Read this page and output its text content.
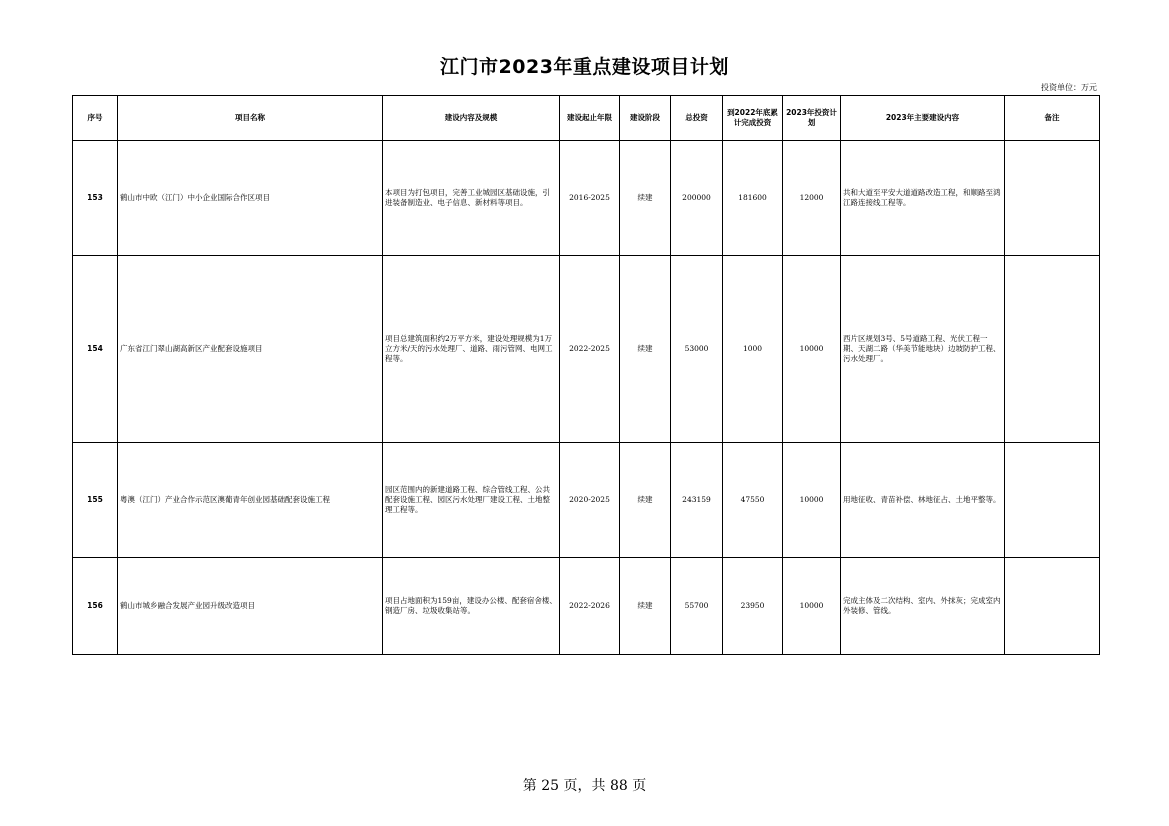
江门市2023年重点建设项目计划
投资单位：万元
序号	项目名称	建设内容及规模	建设起止年限	建设阶段	总投资	到2022年底累计完成投资	2023年投资计划	2023年主要建设内容	备注
153	鹤山市中欧（江门）中小企业国际合作区项目	本项目为打包项目，完善工业城园区基础设施，引进装备制造业、电子信息、新材料等项目。	2016-2025	续建	200000	181600	12000	共和大道至平安大道道路改造工程，和顺路至鸿江路连接线工程等。	
154	广东省江门翠山湖高新区产业配套设施项目	项目总建筑面积约2万平方米，建设处理规模为1万立方米/天的污水处理厂、道路、雨污管网、电网工程等。	2022-2025	续建	53000	1000	10000	西片区规划3号、5号道路工程、光伏工程一期、天湖二路（华美节能地块）边坡防护工程、污水处理厂。	
155	粤澳（江门）产业合作示范区澳葡青年创业园基础配套设施工程	园区范围内的新建道路工程、综合管线工程、公共配套设施工程、园区污水处理厂建设工程、土地整理工程等。	2020-2025	续建	243159	47550	10000	用地征收、青苗补偿、林地征占、土地平整等。	
156	鹤山市城乡融合发展产业园升级改造项目	项目占地面积为159亩，建设办公楼、配套宿舍楼、钢造厂房、垃圾收集站等。	2022-2026	续建	55700	23950	10000	完成主体及二次结构、室内、外抹灰；完成室内外装修、管线。	
第 25 页，共 88 页
